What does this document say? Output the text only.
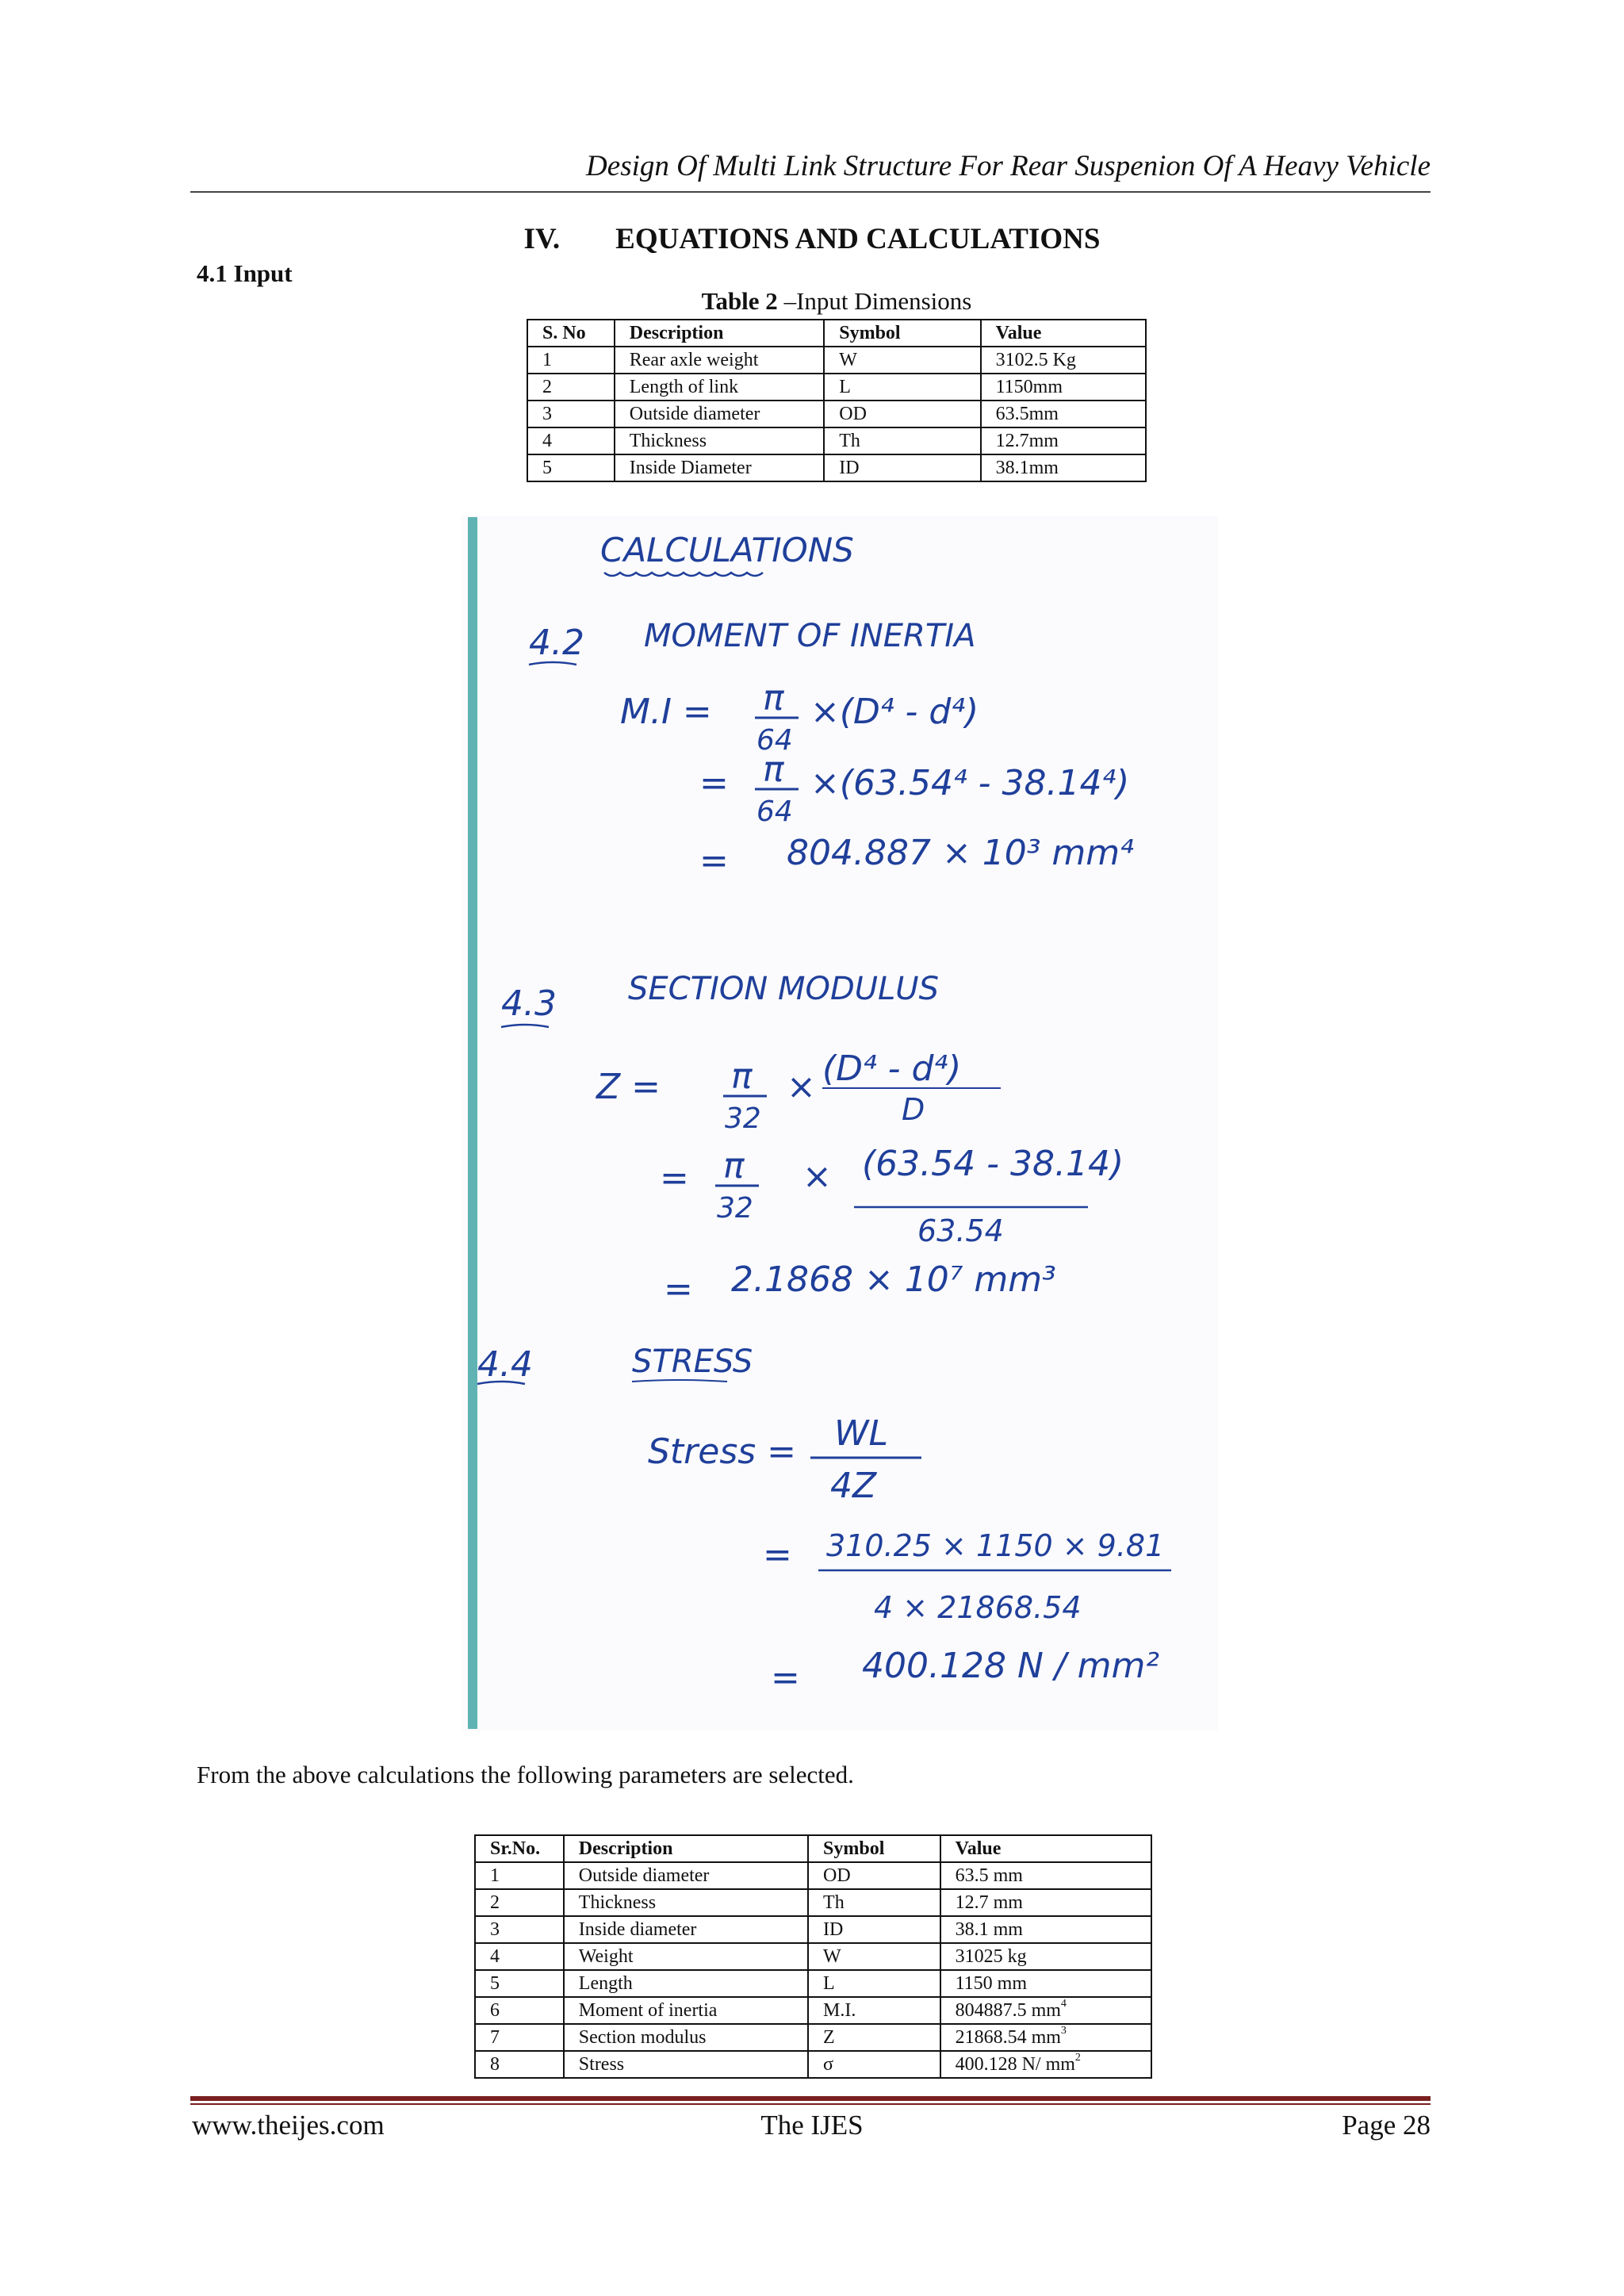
Design Of Multi Link Structure For Rear Suspenion Of A Heavy Vehicle
IV. EQUATIONS AND CALCULATIONS
4.1 Input
Table 2 –Input Dimensions
S. No	Description	Symbol	Value
1	Rear axle weight	W	3102.5 Kg
2	Length of link	L	1150mm
3	Outside diameter	OD	63.5mm
4	Thickness	Th	12.7mm
5	Inside Diameter	ID	38.1mm
CALCULATIONS
4.2 MOMENT OF INERTIA
M.I = π
64
×(D⁴ - d⁴)
= π
64
×(63.54⁴ - 38.14⁴)
= 804.887 × 10³ mm⁴
4.3 SECTION MODULUS
Z = π
32
× (D⁴ - d⁴)
D
= π
32
× (63.54 - 38.14)
63.54
= 2.1868 × 10⁷ mm³
4.4	STRESS
Stress = WL
4Z
= 310.25 × 1150 × 9.81
4 × 21868.54
= 400.128 N / mm²
From the above calculations the following parameters are selected.
Sr.No.	Description	Symbol	Value
1	Outside diameter	OD	63.5 mm
2	Thickness	Th	12.7 mm
3	Inside diameter	ID	38.1 mm
4	Weight	W	31025 kg
5	Length	L	1150 mm
6	Moment of inertia	M.I.	804887.5 $mm^4$
7	Section modulus	Z	21868.54 $mm^3$
8	Stress	σ	400.128 N/ $mm^2$
www.theijes.com	The IJES	Page 28
